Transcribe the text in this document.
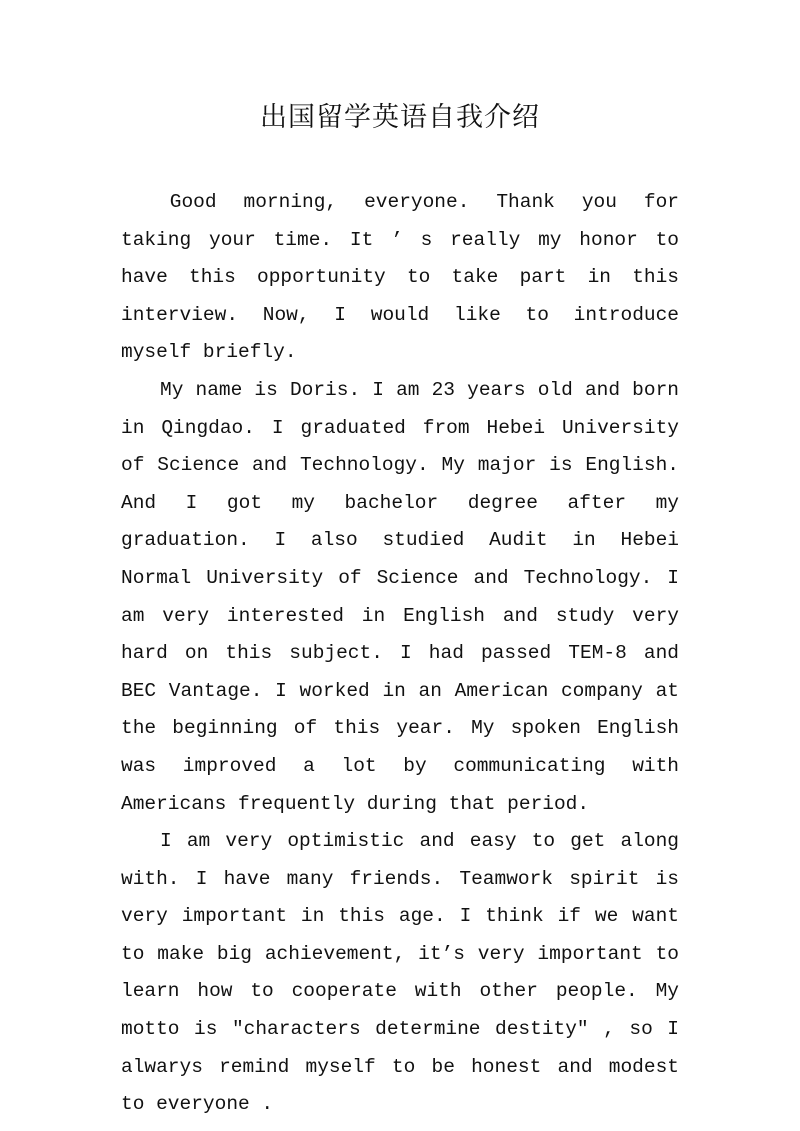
出国留学英语自我介绍

Good morning, everyone. Thank you for taking your time. It ’ s really my honor to have this opportunity to take part in this interview. Now, I would like to introduce myself briefly.

My name is Doris. I am 23 years old and born in Qingdao. I graduated from Hebei University of Science and Technology. My major is English. And I got my bachelor degree after my graduation. I also studied Audit in Hebei Normal University of Science and Technology. I am very interested in English and study very hard on this subject. I had passed TEM-8 and BEC Vantage. I worked in an American company at the beginning of this year. My spoken English was improved a lot by communicating with Americans frequently during that period.

I am very optimistic and easy to get along with. I have many friends. Teamwork spirit is very important in this age. I think if we want to make big achievement, it’s very important to learn how to cooperate with other people. My motto is "characters determine destity" , so I alwarys remind myself to be honest and modest to everyone .
